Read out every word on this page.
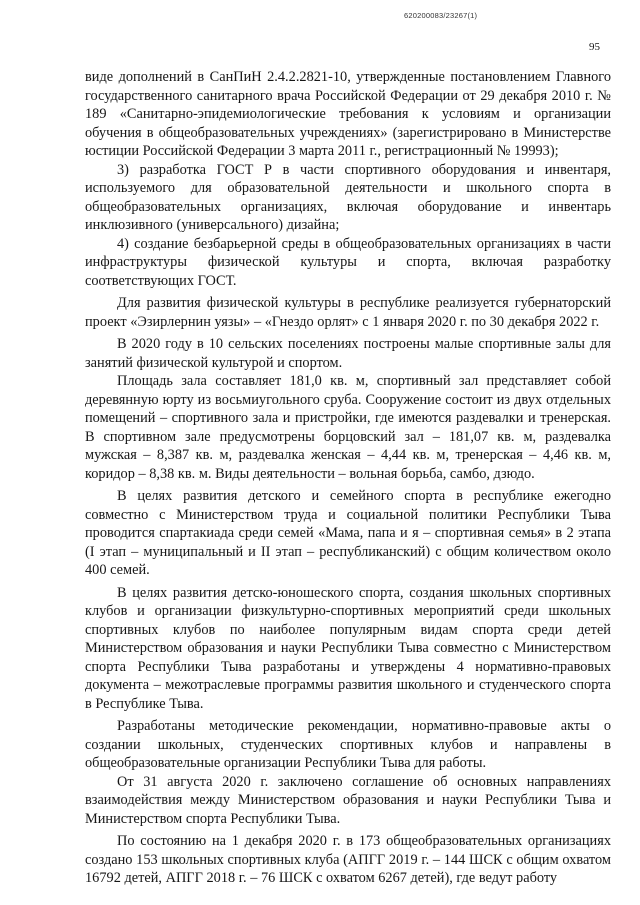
620200083/23267(1)
95

виде дополнений в СанПиН 2.4.2.2821-10, утвержденные постановлением Главного государственного санитарного врача Российской Федерации от 29 декабря 2010 г. № 189 «Санитарно-эпидемиологические требования к условиям и организации обучения в общеобразовательных учреждениях» (зарегистрировано в Министерстве юстиции Российской Федерации 3 марта 2011 г., регистрационный № 19993);

3) разработка ГОСТ Р в части спортивного оборудования и инвентаря, используемого для образовательной деятельности и школьного спорта в общеобразовательных организациях, включая оборудование и инвентарь инклюзивного (универсального) дизайна;

4) создание безбарьерной среды в общеобразовательных организациях в части инфраструктуры физической культуры и спорта, включая разработку соответствующих ГОСТ.

Для развития физической культуры в республике реализуется губернаторский проект «Эзирлернин уязы» – «Гнездо орлят» с 1 января 2020 г. по 30 декабря 2022 г.

В 2020 году в 10 сельских поселениях построены малые спортивные залы для занятий физической культурой и спортом.

Площадь зала составляет 181,0 кв. м, спортивный зал представляет собой деревянную юрту из восьмиугольного сруба. Сооружение состоит из двух отдельных помещений – спортивного зала и пристройки, где имеются раздевалки и тренерская. В спортивном зале предусмотрены борцовский зал – 181,07 кв. м, раздевалка мужская – 8,387 кв. м, раздевалка женская – 4,44 кв. м, тренерская – 4,46 кв. м, коридор – 8,38 кв. м. Виды деятельности – вольная борьба, самбо, дзюдо.

В целях развития детского и семейного спорта в республике ежегодно совместно с Министерством труда и социальной политики Республики Тыва проводится спартакиада среди семей «Мама, папа и я – спортивная семья» в 2 этапа (I этап – муниципальный и II этап – республиканский) с общим количеством около 400 семей.

В целях развития детско-юношеского спорта, создания школьных спортивных клубов и организации физкультурно-спортивных мероприятий среди школьных спортивных клубов по наиболее популярным видам спорта среди детей Министерством образования и науки Республики Тыва совместно с Министерством спорта Республики Тыва разработаны и утверждены 4 нормативно-правовых документа – межотраслевые программы развития школьного и студенческого спорта в Республике Тыва.

Разработаны методические рекомендации, нормативно-правовые акты о создании школьных, студенческих спортивных клубов и направлены в общеобразовательные организации Республики Тыва для работы.

От 31 августа 2020 г. заключено соглашение об основных направлениях взаимодействия между Министерством образования и науки Республики Тыва и Министерством спорта Республики Тыва.

По состоянию на 1 декабря 2020 г. в 173 общеобразовательных организациях создано 153 школьных спортивных клуба (АПГГ 2019 г. – 144 ШСК с общим охватом 16792 детей, АПГГ 2018 г. – 76 ШСК с охватом 6267 детей), где ведут работу
